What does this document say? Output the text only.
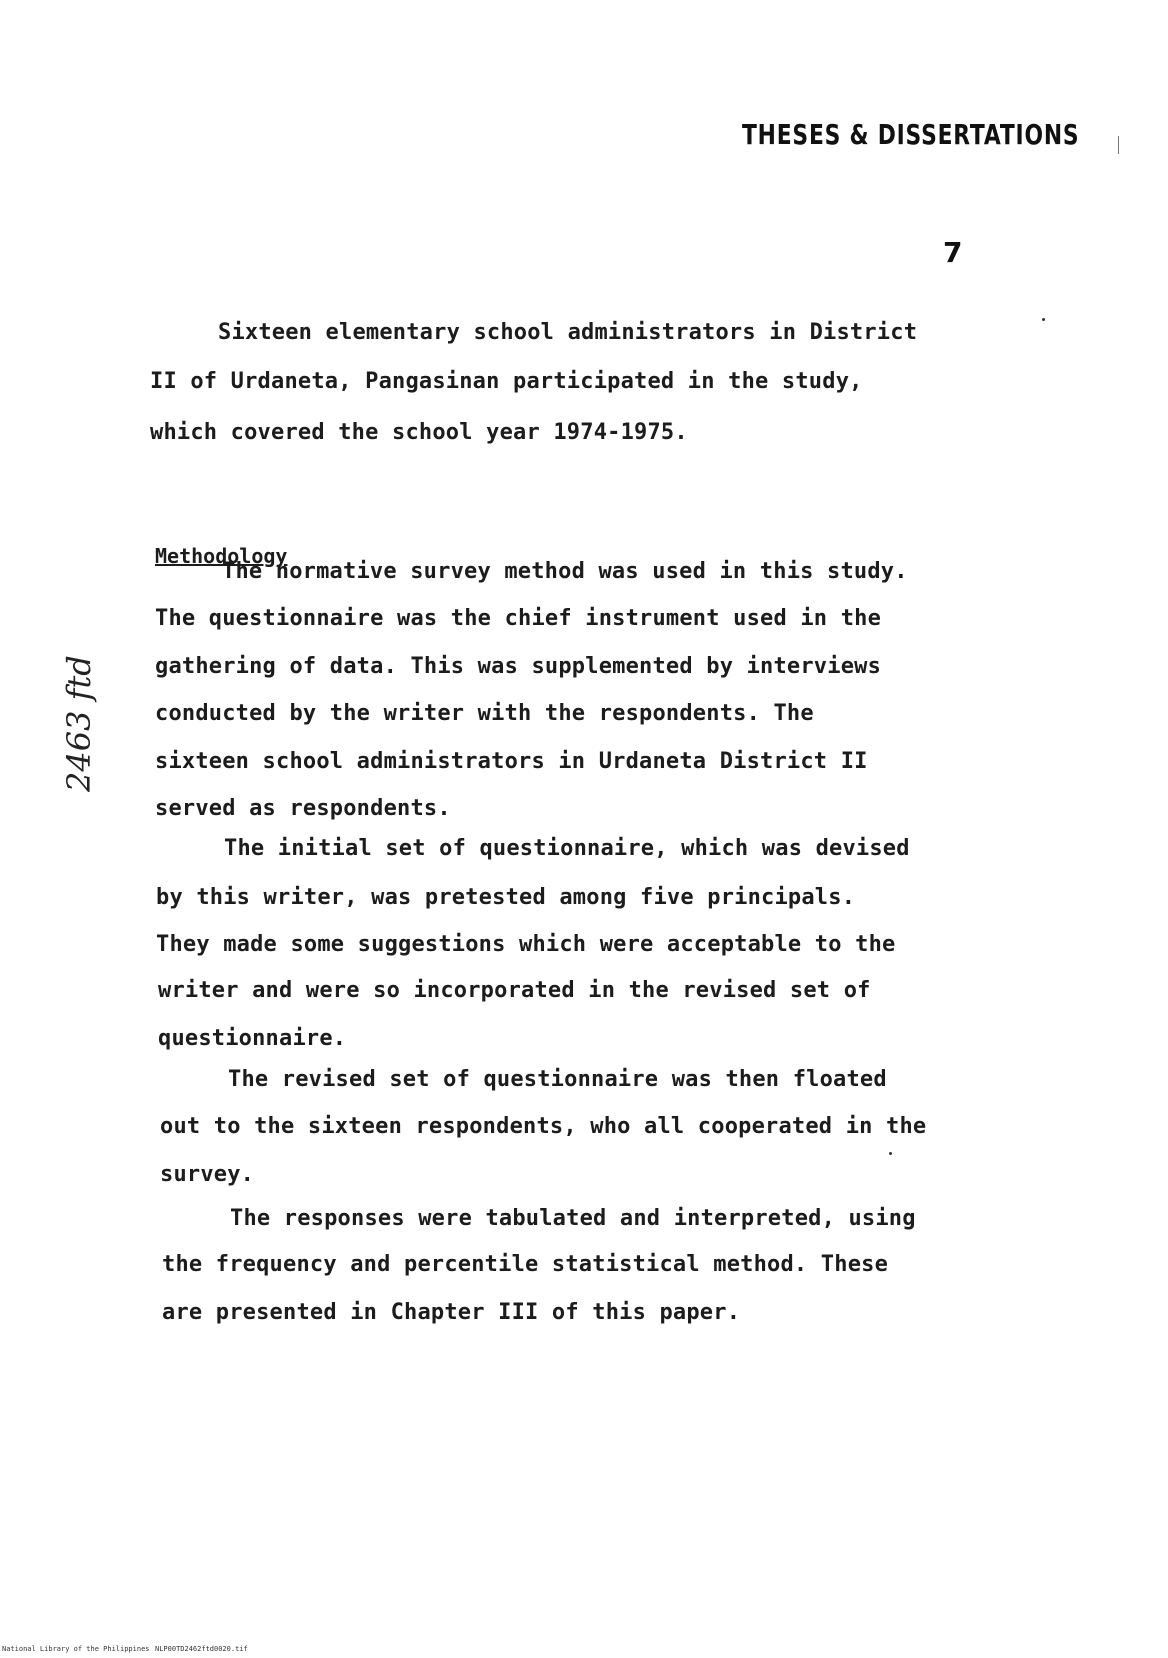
THESES & DISSERTATIONS
7
Sixteen elementary school administrators in District
II of Urdaneta, Pangasinan participated in the study,
which covered the school year 1974-1975.
Methodology
The normative survey method was used in this study.
The questionnaire was the chief instrument used in the
gathering of data. This was supplemented by interviews
conducted by the writer with the respondents. The
sixteen school administrators in Urdaneta District II
served as respondents.
The initial set of questionnaire, which was devised
by this writer, was pretested among five principals.
They made some suggestions which were acceptable to the
writer and were so incorporated in the revised set of
questionnaire.
The revised set of questionnaire was then floated
out to the sixteen respondents, who all cooperated in the
survey.
The responses were tabulated and interpreted, using
the frequency and percentile statistical method. These
are presented in Chapter III of this paper.
2463 ftd
National Library of the Philippines NLP00TD2462ftd0020.tif
